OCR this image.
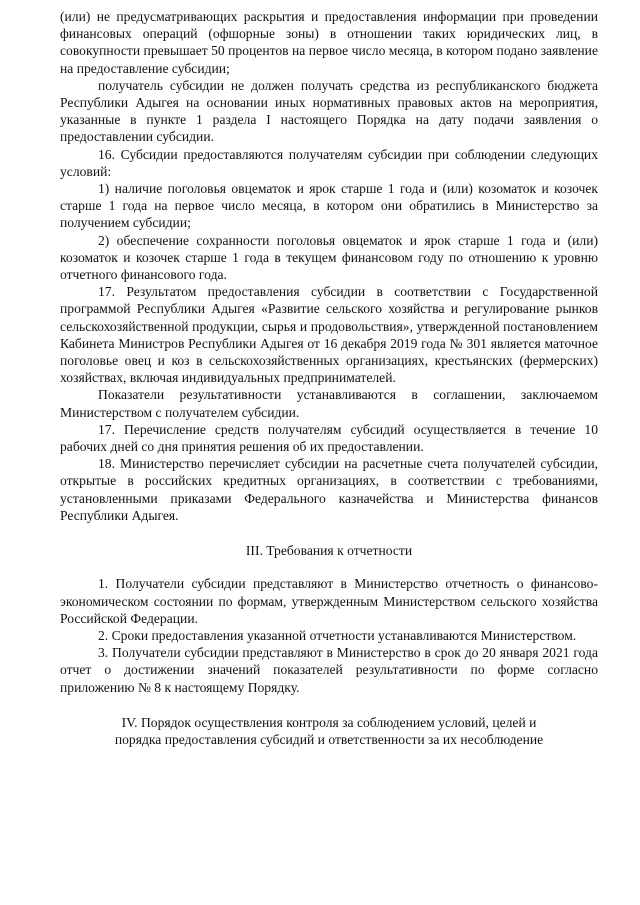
(или) не предусматривающих раскрытия и предоставления информации при проведении финансовых операций (офшорные зоны) в отношении таких юридических лиц, в совокупности превышает 50 процентов на первое число месяца, в котором подано заявление на предоставление субсидии;

получатель субсидии не должен получать средства из республиканского бюджета Республики Адыгея на основании иных нормативных правовых актов на мероприятия, указанные в пункте 1 раздела I настоящего Порядка на дату подачи заявления о предоставлении субсидии.

16. Субсидии предоставляются получателям субсидии при соблюдении следующих условий:

1) наличие поголовья овцематок и ярок старше 1 года и (или) козоматок и козочек старше 1 года на первое число месяца, в котором они обратились в Министерство за получением субсидии;

2) обеспечение сохранности поголовья овцематок и ярок старше 1 года и (или) козоматок и козочек старше 1 года в текущем финансовом году по отношению к уровню отчетного финансового года.

17. Результатом предоставления субсидии в соответствии с Государственной программой Республики Адыгея «Развитие сельского хозяйства и регулирование рынков сельскохозяйственной продукции, сырья и продовольствия», утвержденной постановлением Кабинета Министров Республики Адыгея от 16 декабря 2019 года № 301 является маточное поголовье овец и коз в сельскохозяйственных организациях, крестьянских (фермерских) хозяйствах, включая индивидуальных предпринимателей.

Показатели результативности устанавливаются в соглашении, заключаемом Министерством с получателем субсидии.

17. Перечисление средств получателям субсидий осуществляется в течение 10 рабочих дней со дня принятия решения об их предоставлении.

18. Министерство перечисляет субсидии на расчетные счета получателей субсидии, открытые в российских кредитных организациях, в соответствии с требованиями, установленными приказами Федерального казначейства и Министерства финансов Республики Адыгея.

III. Требования к отчетности

1. Получатели субсидии представляют в Министерство отчетность о финансово-экономическом состоянии по формам, утвержденным Министерством сельского хозяйства Российской Федерации.

2. Сроки предоставления указанной отчетности устанавливаются Министерством.

3. Получатели субсидии представляют в Министерство в срок до 20 января 2021 года отчет о достижении значений показателей результативности по форме согласно приложению № 8 к настоящему Порядку.

IV. Порядок осуществления контроля за соблюдением условий, целей и
порядка предоставления субсидий и ответственности за их несоблюдение
